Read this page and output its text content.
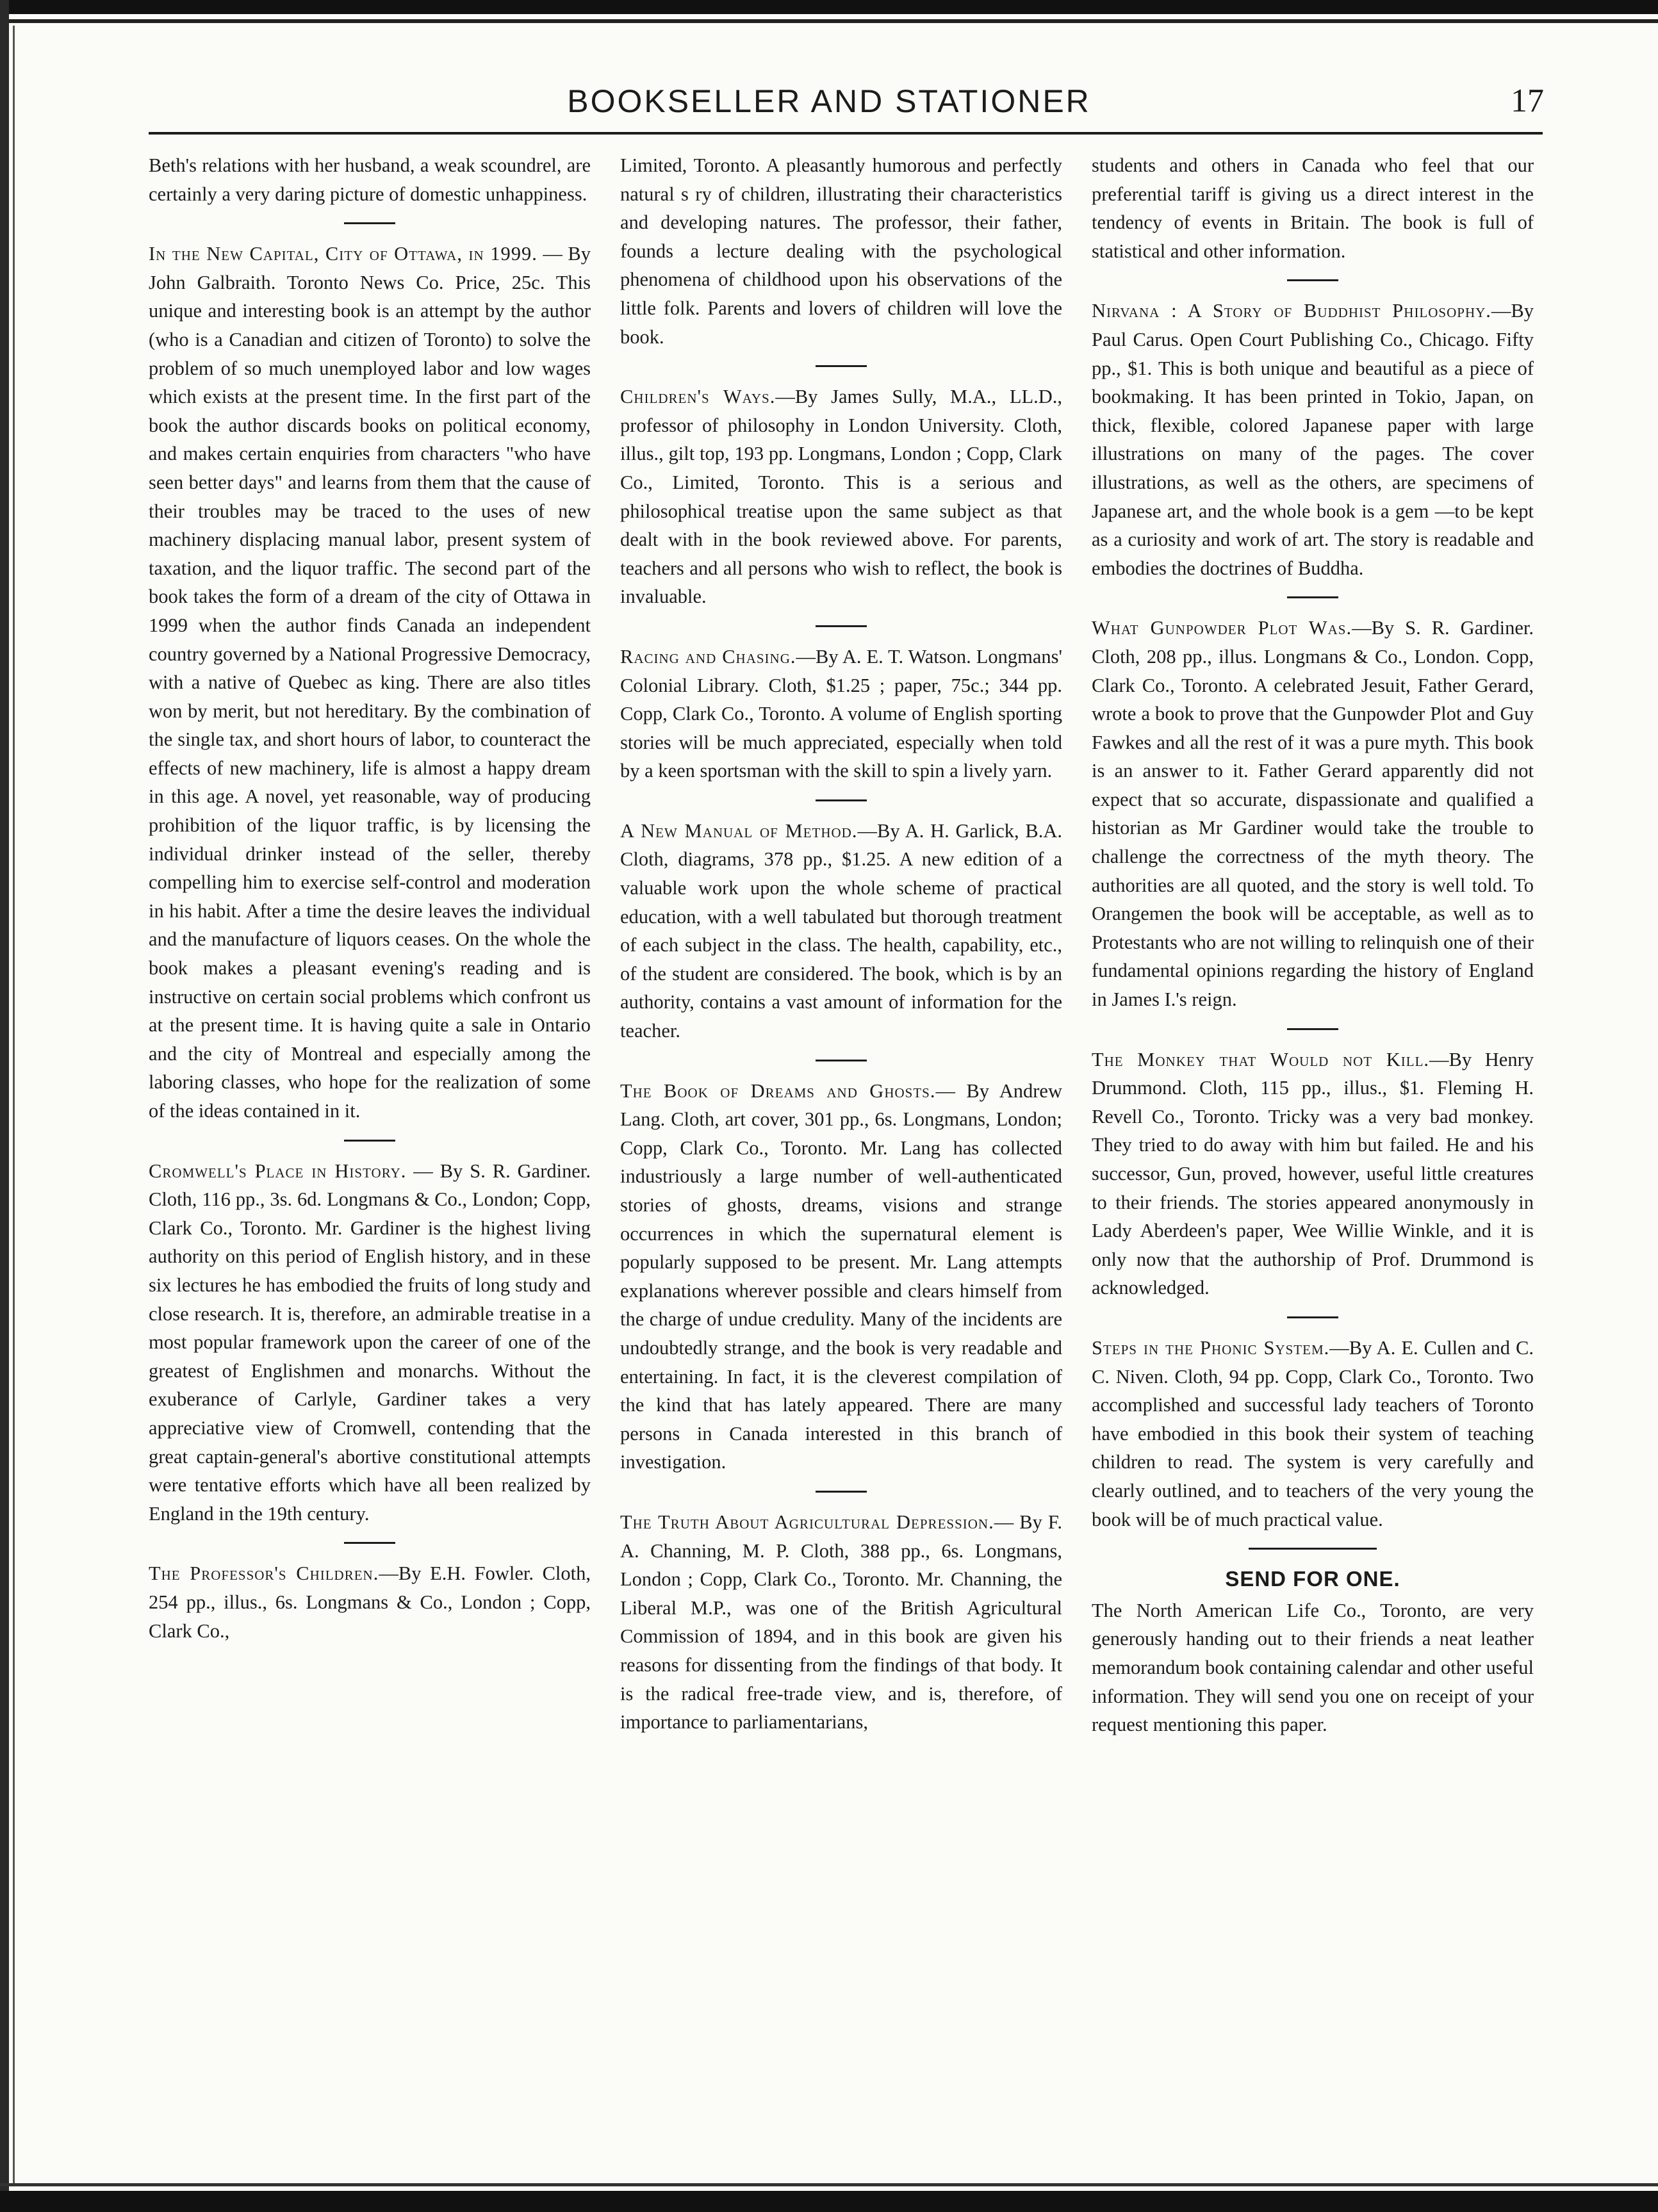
BOOKSELLER AND STATIONER	17

Beth's relations with her husband, a weak scoundrel, are certainly a very daring picture of domestic unhappiness.

In the New Capital, City of Ottawa, in 1999. — By John Galbraith. Toronto News Co. Price, 25c. This unique and interesting book is an attempt by the author (who is a Canadian and citizen of Toronto) to solve the problem of so much unemployed labor and low wages which exists at the present time. In the first part of the book the author discards books on political economy, and makes certain enquiries from characters "who have seen better days" and learns from them that the cause of their troubles may be traced to the uses of new machinery displacing manual labor, present system of taxation, and the liquor traffic. The second part of the book takes the form of a dream of the city of Ottawa in 1999 when the author finds Canada an independent country governed by a National Progressive Democracy, with a native of Quebec as king. There are also titles won by merit, but not hereditary. By the combination of the single tax, and short hours of labor, to counteract the effects of new machinery, life is almost a happy dream in this age. A novel, yet reasonable, way of producing prohibition of the liquor traffic, is by licensing the individual drinker instead of the seller, thereby compelling him to exercise self-control and moderation in his habit. After a time the desire leaves the individual and the manufacture of liquors ceases. On the whole the book makes a pleasant evening's reading and is instructive on certain social problems which confront us at the present time. It is having quite a sale in Ontario and the city of Montreal and especially among the laboring classes, who hope for the realization of some of the ideas contained in it.

Cromwell's Place in History. — By S. R. Gardiner. Cloth, 116 pp., 3s. 6d. Longmans & Co., London; Copp, Clark Co., Toronto. Mr. Gardiner is the highest living authority on this period of English history, and in these six lectures he has embodied the fruits of long study and close research. It is, therefore, an admirable treatise in a most popular framework upon the career of one of the greatest of Englishmen and monarchs. Without the exuberance of Carlyle, Gardiner takes a very appreciative view of Cromwell, contending that the great captain-general's abortive constitutional attempts were tentative efforts which have all been realized by England in the 19th century.

The Professor's Children.—By E.H. Fowler. Cloth, 254 pp., illus., 6s. Longmans & Co., London ; Copp, Clark Co.,

Limited, Toronto. A pleasantly humorous and perfectly natural s ry of children, illustrating their characteristics and developing natures. The professor, their father, founds a lecture dealing with the psychological phenomena of childhood upon his observations of the little folk. Parents and lovers of children will love the book.

Children's Ways.—By James Sully, M.A., LL.D., professor of philosophy in London University. Cloth, illus., gilt top, 193 pp. Longmans, London ; Copp, Clark Co., Limited, Toronto. This is a serious and philosophical treatise upon the same subject as that dealt with in the book reviewed above. For parents, teachers and all persons who wish to reflect, the book is invaluable.

Racing and Chasing.—By A. E. T. Watson. Longmans' Colonial Library. Cloth, $1.25 ; paper, 75c.; 344 pp. Copp, Clark Co., Toronto. A volume of English sporting stories will be much appreciated, especially when told by a keen sportsman with the skill to spin a lively yarn.

A New Manual of Method.—By A. H. Garlick, B.A. Cloth, diagrams, 378 pp., $1.25. A new edition of a valuable work upon the whole scheme of practical education, with a well tabulated but thorough treatment of each subject in the class. The health, capability, etc., of the student are considered. The book, which is by an authority, contains a vast amount of information for the teacher.

The Book of Dreams and Ghosts.— By Andrew Lang. Cloth, art cover, 301 pp., 6s. Longmans, London; Copp, Clark Co., Toronto. Mr. Lang has collected industriously a large number of well-authenticated stories of ghosts, dreams, visions and strange occurrences in which the supernatural element is popularly supposed to be present. Mr. Lang attempts explanations wherever possible and clears himself from the charge of undue credulity. Many of the incidents are undoubtedly strange, and the book is very readable and entertaining. In fact, it is the cleverest compilation of the kind that has lately appeared. There are many persons in Canada interested in this branch of investigation.

The Truth About Agricultural Depression.— By F. A. Channing, M. P. Cloth, 388 pp., 6s. Longmans, London ; Copp, Clark Co., Toronto. Mr. Channing, the Liberal M.P., was one of the British Agricultural Commission of 1894, and in this book are given his reasons for dissenting from the findings of that body. It is the radical free-trade view, and is, therefore, of importance to parliamentarians,

students and others in Canada who feel that our preferential tariff is giving us a direct interest in the tendency of events in Britain. The book is full of statistical and other information.

Nirvana : A Story of Buddhist Philosophy.—By Paul Carus. Open Court Publishing Co., Chicago. Fifty pp., $1. This is both unique and beautiful as a piece of bookmaking. It has been printed in Tokio, Japan, on thick, flexible, colored Japanese paper with large illustrations on many of the pages. The cover illustrations, as well as the others, are specimens of Japanese art, and the whole book is a gem —to be kept as a curiosity and work of art. The story is readable and embodies the doctrines of Buddha.

What Gunpowder Plot Was.—By S. R. Gardiner. Cloth, 208 pp., illus. Longmans & Co., London. Copp, Clark Co., Toronto. A celebrated Jesuit, Father Gerard, wrote a book to prove that the Gunpowder Plot and Guy Fawkes and all the rest of it was a pure myth. This book is an answer to it. Father Gerard apparently did not expect that so accurate, dispassionate and qualified a historian as Mr Gardiner would take the trouble to challenge the correctness of the myth theory. The authorities are all quoted, and the story is well told. To Orangemen the book will be acceptable, as well as to Protestants who are not willing to relinquish one of their fundamental opinions regarding the history of England in James I.'s reign.

The Monkey that Would not Kill.—By Henry Drummond. Cloth, 115 pp., illus., $1. Fleming H. Revell Co., Toronto. Tricky was a very bad monkey. They tried to do away with him but failed. He and his successor, Gun, proved, however, useful little creatures to their friends. The stories appeared anonymously in Lady Aberdeen's paper, Wee Willie Winkle, and it is only now that the authorship of Prof. Drummond is acknowledged.

Steps in the Phonic System.—By A. E. Cullen and C. C. Niven. Cloth, 94 pp. Copp, Clark Co., Toronto. Two accomplished and successful lady teachers of Toronto have embodied in this book their system of teaching children to read. The system is very carefully and clearly outlined, and to teachers of the very young the book will be of much practical value.

SEND FOR ONE.

The North American Life Co., Toronto, are very generously handing out to their friends a neat leather memorandum book containing calendar and other useful information. They will send you one on receipt of your request mentioning this paper.
